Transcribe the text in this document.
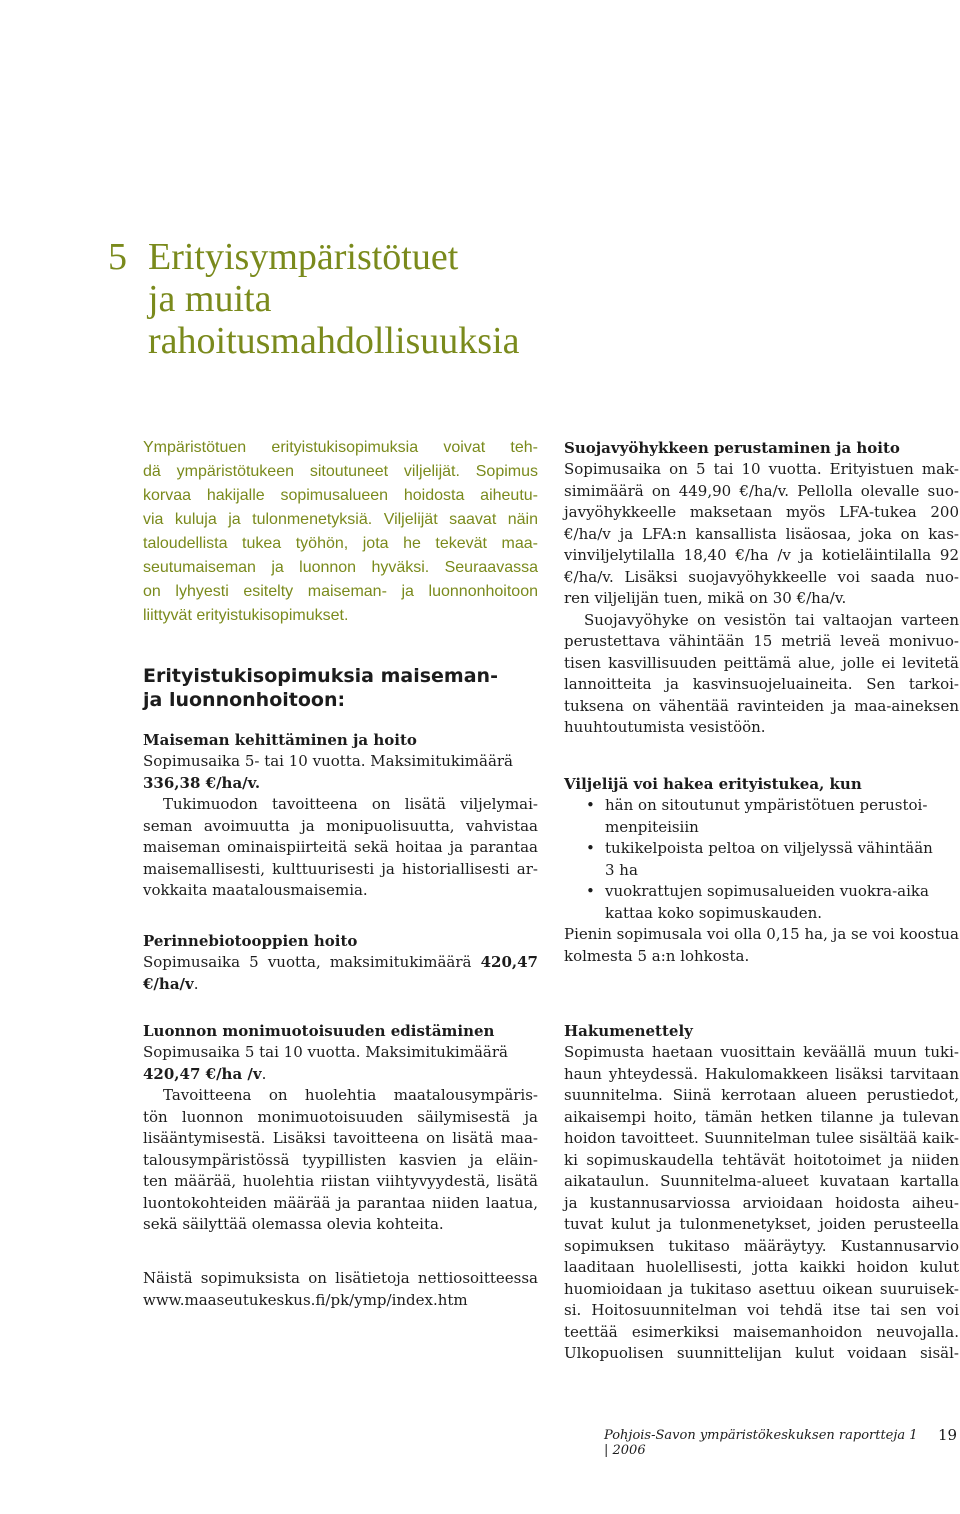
5 Erityisympäristötuet
ja muita
rahoitusmahdollisuuksia
Ympäristötuen erityistukisopimuksia voivat teh-
dä ympäristötukeen sitoutuneet viljelijät. Sopimus
korvaa hakijalle sopimusalueen hoidosta aiheutu-
via kuluja ja tulonmenetyksiä. Viljelijät saavat näin
taloudellista tukea työhön, jota he tekevät maa-
seutumaiseman ja luonnon hyväksi. Seuraavassa
on lyhyesti esitelty maiseman- ja luonnonhoitoon
liittyvät erityistukisopimukset.

Erityistukisopimuksia maiseman-

ja luonnonhoitoon:

Maiseman kehittäminen ja hoito

Sopimusaika 5- tai 10 vuotta. Maksimitukimäärä
336,38 €/ha/v.
Tukimuodon tavoitteena on lisätä viljelymai-
seman avoimuutta ja monipuolisuutta, vahvistaa
maiseman ominaispiirteitä sekä hoitaa ja parantaa
maisemallisesti, kulttuurisesti ja historiallisesti ar-
vokkaita maatalousmaisemia.

Perinnebiotooppien hoito

Sopimusaika 5 vuotta, maksimitukimäärä 420,47
€/ha/v.

Luonnon monimuotoisuuden edistäminen

Sopimusaika 5 tai 10 vuotta. Maksimitukimäärä
420,47 €/ha /v.
Tavoitteena on huolehtia maatalousympäris-
tön luonnon monimuotoisuuden säilymisestä ja
lisääntymisestä. Lisäksi tavoitteena on lisätä maa-
talousympäristössä tyypillisten kasvien ja eläin-
ten määrää, huolehtia riistan viihtyvyydestä, lisätä
luontokohteiden määrää ja parantaa niiden laatua,
sekä säilyttää olemassa olevia kohteita.
Näistä sopimuksista on lisätietoja nettiosoitteessa
www.maaseutukeskus.fi/pk/ymp/index.htm

Suojavyöhykkeen perustaminen ja hoito

Sopimusaika on 5 tai 10 vuotta. Erityistuen mak-
simimäärä on 449,90 €/ha/v. Pellolla olevalle suo-
javyöhykkeelle maksetaan myös LFA-tukea 200
€/ha/v ja LFA:n kansallista lisäosaa, joka on kas-
vinviljelytilalla 18,40 €/ha /v ja kotieläintilalla 92
€/ha/v. Lisäksi suojavyöhykkeelle voi saada nuo-
ren viljelijän tuen, mikä on 30 €/ha/v.
Suojavyöhyke on vesistön tai valtaojan varteen
perustettava vähintään 15 metriä leveä monivuo-
tisen kasvillisuuden peittämä alue, jolle ei levitetä
lannoitteita ja kasvinsuojeluaineita. Sen tarkoi-
tuksena on vähentää ravinteiden ja maa-aineksen
huuhtoutumista vesistöön.

Viljelijä voi hakea erityistukea, kun

• hän on sitoutunut ympäristötuen perustoi-
menpiteisiin
• tukikelpoista peltoa on viljelyssä vähintään
3 ha
• vuokrattujen sopimusalueiden vuokra-aika
kattaa koko sopimuskauden.
Pienin sopimusala voi olla 0,15 ha, ja se voi koostua
kolmesta 5 a:n lohkosta.

Hakumenettely

Sopimusta haetaan vuosittain keväällä muun tuki-
haun yhteydessä. Hakulomakkeen lisäksi tarvitaan
suunnitelma. Siinä kerrotaan alueen perustiedot,
aikaisempi hoito, tämän hetken tilanne ja tulevan
hoidon tavoitteet. Suunnitelman tulee sisältää kaik-
ki sopimuskaudella tehtävät hoitotoimet ja niiden
aikataulun. Suunnitelma-alueet kuvataan kartalla
ja kustannusarviossa arvioidaan hoidosta aiheu-
tuvat kulut ja tulonmenetykset, joiden perusteella
sopimuksen tukitaso määräytyy. Kustannusarvio
laaditaan huolellisesti, jotta kaikki hoidon kulut
huomioidaan ja tukitaso asettuu oikean suuruisek-
si. Hoitosuunnitelman voi tehdä itse tai sen voi
teettää esimerkiksi maisemanhoidon neuvojalla.
Ulkopuolisen suunnittelijan kulut voidaan sisäl-
Pohjois-Savon ympäristökeskuksen raportteja 1 | 2006
19
